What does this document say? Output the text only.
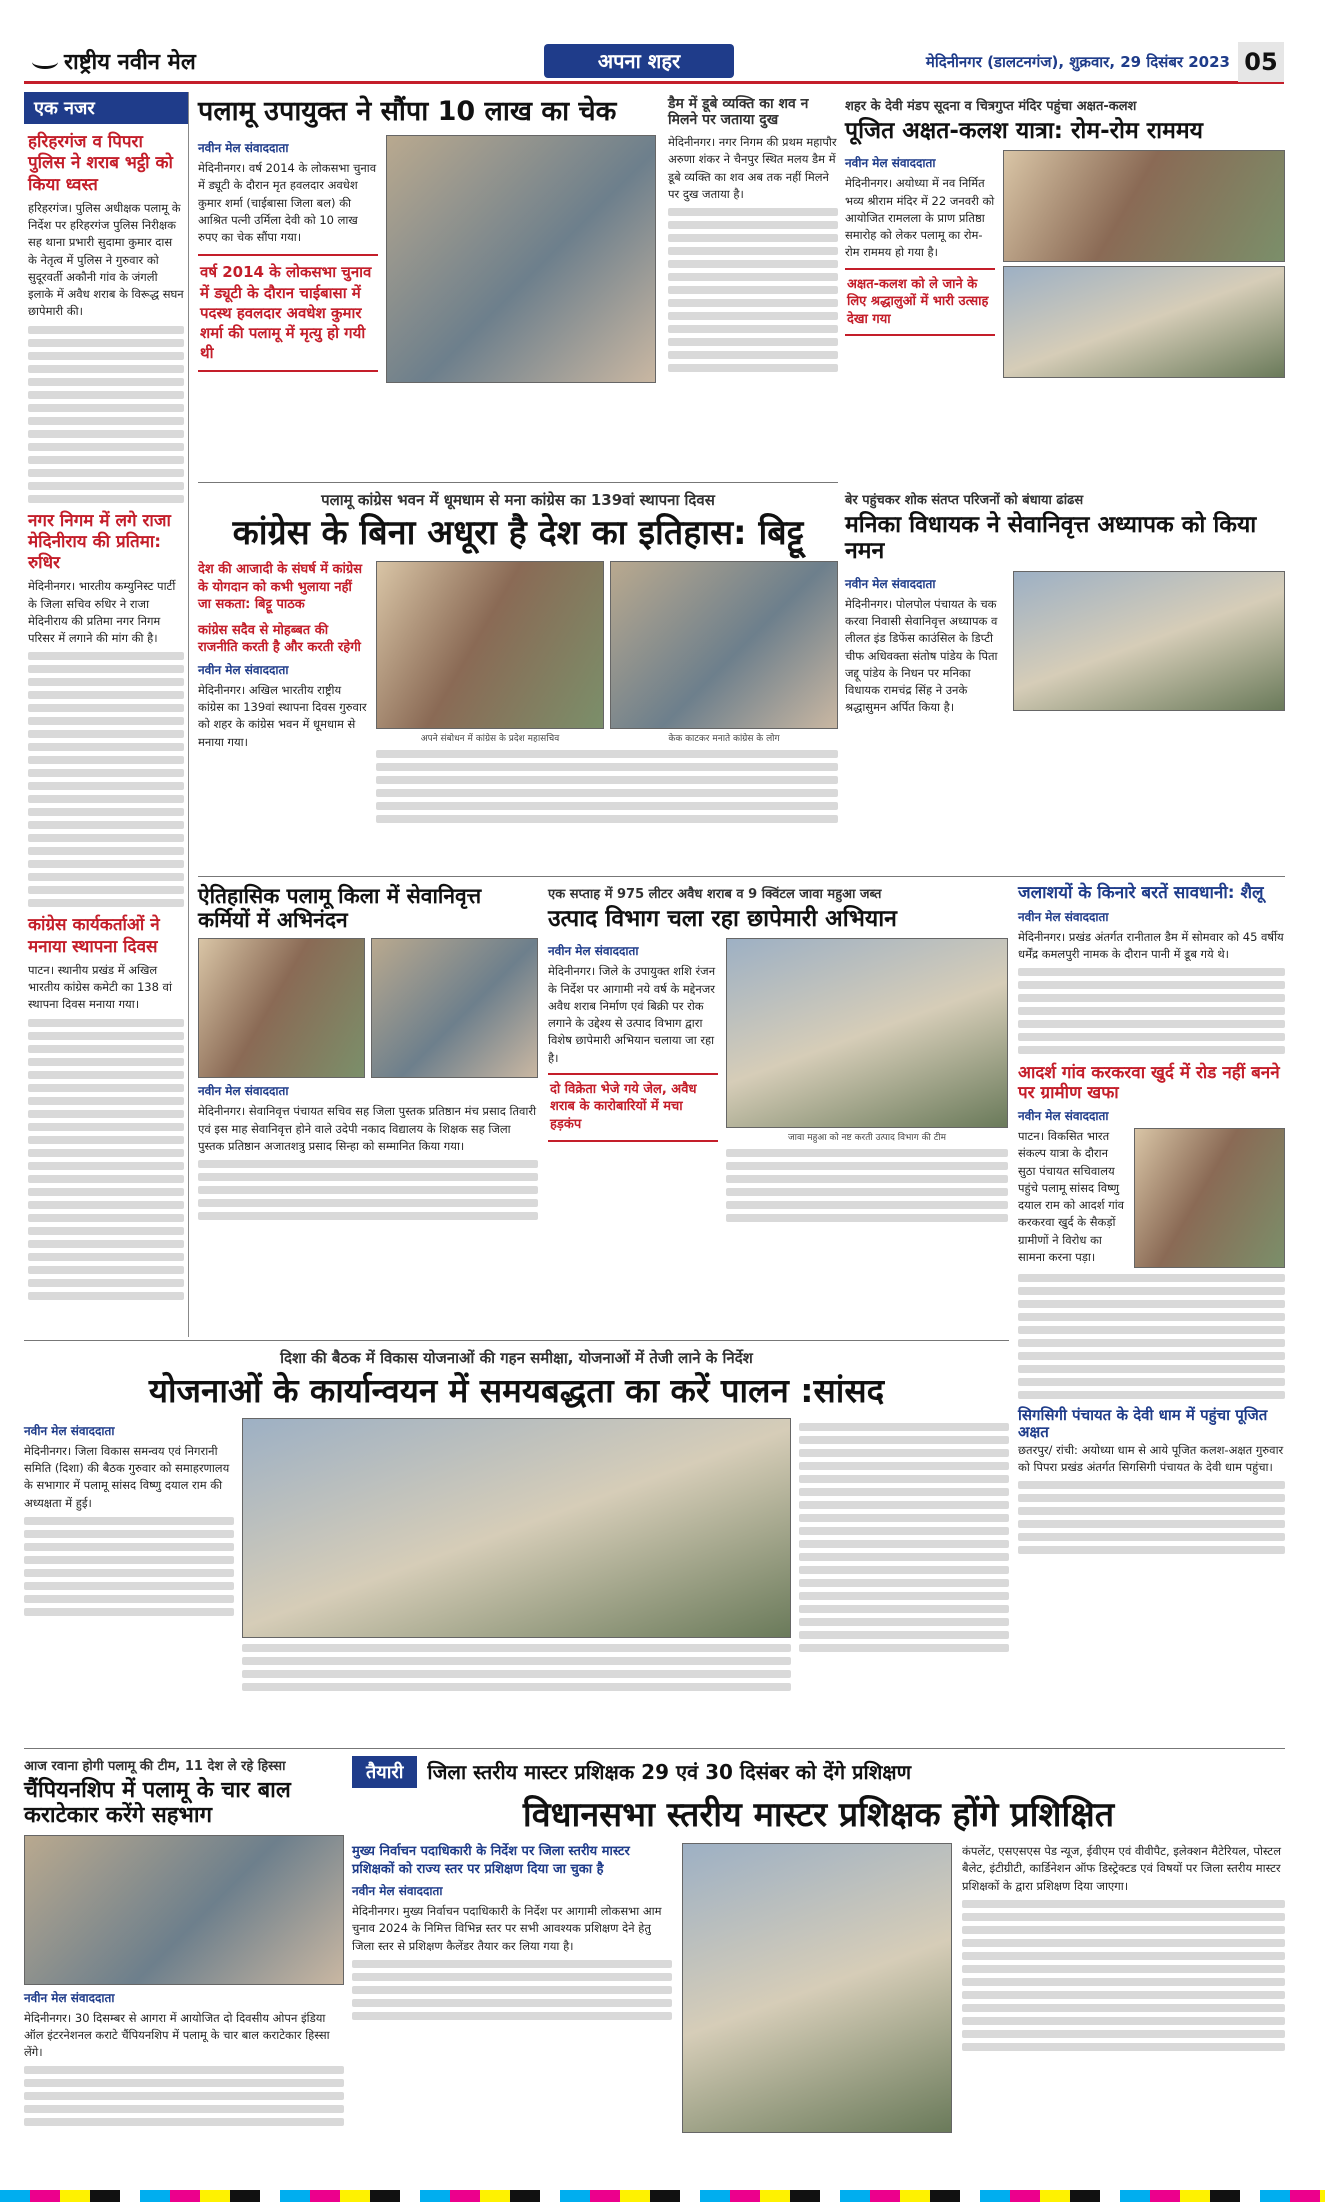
राष्ट्रीय नवीन मेल	अपना शहर	मेदिनीनगर (डालटनगंज), शुक्रवार, 29 दिसंबर 2023 05
एक नजर
हरिहरगंज व पिपरा पुलिस ने शराब भट्ठी को किया ध्वस्त
हरिहरगंज। पुलिस अधीक्षक पलामू के निर्देश पर हरिहरगंज पुलिस निरीक्षक सह थाना प्रभारी सुदामा कुमार दास के नेतृत्व में पुलिस ने गुरुवार को सुदूरवर्ती अकौनी गांव के जंगली इलाके में अवैध शराब के विरूद्ध सघन छापेमारी की।
नगर निगम में लगे राजा मेदिनीराय की प्रतिमा: रुधिर
मेदिनीनगर। भारतीय कम्युनिस्ट पार्टी के जिला सचिव रुधिर ने राजा मेदिनीराय की प्रतिमा नगर निगम परिसर में लगाने की मांग की है।
कांग्रेस कार्यकर्ताओं ने मनाया स्थापना दिवस
पाटन। स्थानीय प्रखंड में अखिल भारतीय कांग्रेस कमेटी का 138 वां स्थापना दिवस मनाया गया।
पलामू उपायुक्त ने सौंपा 10 लाख का चेक
नवीन मेल संवाददाता
मेदिनीनगर। वर्ष 2014 के लोकसभा चुनाव में ड्यूटी के दौरान मृत हवलदार अवधेश कुमार शर्मा (चाईबासा जिला बल) की आश्रित पत्नी उर्मिला देवी को 10 लाख रुपए का चेक सौंपा गया।
वर्ष 2014 के लोकसभा चुनाव में ड्यूटी के दौरान चाईबासा में पदस्थ हवलदार अवधेश कुमार शर्मा की पलामू में मृत्यु हो गयी थी
डैम में डूबे व्यक्ति का शव न मिलने पर जताया दुख
मेदिनीनगर। नगर निगम की प्रथम महापौर अरुणा शंकर ने चैनपुर स्थित मलय डैम में डूबे व्यक्ति का शव अब तक नहीं मिलने पर दुख जताया है।
शहर के देवी मंडप सूदना व चित्रगुप्त मंदिर पहुंचा अक्षत-कलश
पूजित अक्षत-कलश यात्रा: रोम-रोम राममय
नवीन मेल संवाददाता
मेदिनीनगर। अयोध्या में नव निर्मित भव्य श्रीराम मंदिर में 22 जनवरी को आयोजित रामलला के प्राण प्रतिष्ठा समारोह को लेकर पलामू का रोम-रोम राममय हो गया है।
अक्षत-कलश को ले जाने के लिए श्रद्धालुओं में भारी उत्साह देखा गया
पलामू कांग्रेस भवन में धूमधाम से मना कांग्रेस का 139वां स्थापना दिवस
कांग्रेस के बिना अधूरा है देश का इतिहास: बिट्टू
देश की आजादी के संघर्ष में कांग्रेस के योगदान को कभी भुलाया नहीं जा सकता: बिट्टू पाठक
कांग्रेस सदैव से मोहब्बत की राजनीति करती है और करती रहेगी
नवीन मेल संवाददाता
मेदिनीनगर। अखिल भारतीय राष्ट्रीय कांग्रेस का 139वां स्थापना दिवस गुरुवार को शहर के कांग्रेस भवन में धूमधाम से मनाया गया।	अपने संबोधन में कांग्रेस के प्रदेश महासचिव	केक काटकर मनाते कांग्रेस के लोग
बेर पहुंचकर शोक संतप्त परिजनों को बंधाया ढांढस
मनिका विधायक ने सेवानिवृत्त अध्यापक को किया नमन
नवीन मेल संवाददाता
मेदिनीनगर। पोलपोल पंचायत के चक करवा निवासी सेवानिवृत्त अध्यापक व लीलत इंड डिफेंस काउंसिल के डिप्टी चीफ अधिवक्ता संतोष पांडेय के पिता जद्दू पांडेय के निधन पर मनिका विधायक रामचंद्र सिंह ने उनके श्रद्धासुमन अर्पित किया है।
ऐतिहासिक पलामू किला में सेवानिवृत्त कर्मियों में अभिनंदन
नवीन मेल संवाददाता
मेदिनीनगर। सेवानिवृत्त पंचायत सचिव सह जिला पुस्तक प्रतिष्ठान मंच प्रसाद तिवारी एवं इस माह सेवानिवृत्त होने वाले उदेपी नकाद विद्यालय के शिक्षक सह जिला पुस्तक प्रतिष्ठान अजातशत्रु प्रसाद सिन्हा को सम्मानित किया गया।
एक सप्ताह में 975 लीटर अवैध शराब व 9 क्विंटल जावा महुआ जब्त
उत्पाद विभाग चला रहा छापेमारी अभियान
नवीन मेल संवाददाता
मेदिनीनगर। जिले के उपायुक्त शशि रंजन के निर्देश पर आगामी नये वर्ष के मद्देनजर अवैध शराब निर्माण एवं बिक्री पर रोक लगाने के उद्देश्य से उत्पाद विभाग द्वारा विशेष छापेमारी अभियान चलाया जा रहा है।
दो विक्रेता भेजे गये जेल, अवैध शराब के कारोबारियों में मचा हड़कंप
जावा महुआ को नष्ट करती उत्पाद विभाग की टीम
जलाशयों के किनारे बरतें सावधानी: शैलू
नवीन मेल संवाददाता
मेदिनीनगर। प्रखंड अंतर्गत रानीताल डैम में सोमवार को 45 वर्षीय धर्मेंद्र कमलपुरी नामक के दौरान पानी में डूब गये थे।
आदर्श गांव करकरवा खुर्द में रोड नहीं बनने पर ग्रामीण खफा
नवीन मेल संवाददाता
पाटन। विकसित भारत संकल्प यात्रा के दौरान सुठा पंचायत सचिवालय पहुंचे पलामू सांसद विष्णु दयाल राम को आदर्श गांव करकरवा खुर्द के सैकड़ों ग्रामीणों ने विरोध का सामना करना पड़ा।
सिगसिगी पंचायत के देवी धाम में पहुंचा पूजित अक्षत
छतरपुर/ रांची: अयोध्या धाम से आये पूजित कलश-अक्षत गुरुवार को पिपरा प्रखंड अंतर्गत सिगसिगी पंचायत के देवी धाम पहुंचा।
दिशा की बैठक में विकास योजनाओं की गहन समीक्षा, योजनाओं में तेजी लाने के निर्देश
योजनाओं के कार्यान्वयन में समयबद्धता का करें पालन :सांसद
नवीन मेल संवाददाता
मेदिनीनगर। जिला विकास समन्वय एवं निगरानी समिति (दिशा) की बैठक गुरुवार को समाहरणालय के सभागार में पलामू सांसद विष्णु दयाल राम की अध्यक्षता में हुई।
आज रवाना होगी पलामू की टीम, 11 देश ले रहे हिस्सा
चैंपियनशिप में पलामू के चार बाल कराटेकार करेंगे सहभाग
नवीन मेल संवाददाता
मेदिनीनगर। 30 दिसम्बर से आगरा में आयोजित दो दिवसीय ओपन इंडिया ऑल इंटरनेशनल कराटे चैंपियनशिप में पलामू के चार बाल कराटेकार हिस्सा लेंगे।
तैयारी	जिला स्तरीय मास्टर प्रशिक्षक 29 एवं 30 दिसंबर को देंगे प्रशिक्षण
विधानसभा स्तरीय मास्टर प्रशिक्षक होंगे प्रशिक्षित
मुख्य निर्वाचन पदाधिकारी के निर्देश पर जिला स्तरीय मास्टर प्रशिक्षकों को राज्य स्तर पर प्रशिक्षण दिया जा चुका है
नवीन मेल संवाददाता
मेदिनीनगर। मुख्य निर्वाचन पदाधिकारी के निर्देश पर आगामी लोकसभा आम चुनाव 2024 के निमित्त विभिन्न स्तर पर सभी आवश्यक प्रशिक्षण देने हेतु जिला स्तर से प्रशिक्षण कैलेंडर तैयार कर लिया गया है।
कंपलेंट, एसएसएस पेड न्यूज, ईवीएम एवं वीवीपैट, इलेक्शन मैटेरियल, पोस्टल बैलेट, इंटीग्रीटी, कार्डिनेशन ऑफ डिस्ट्रेक्टड एवं विषयों पर जिला स्तरीय मास्टर प्रशिक्षकों के द्वारा प्रशिक्षण दिया जाएगा।
